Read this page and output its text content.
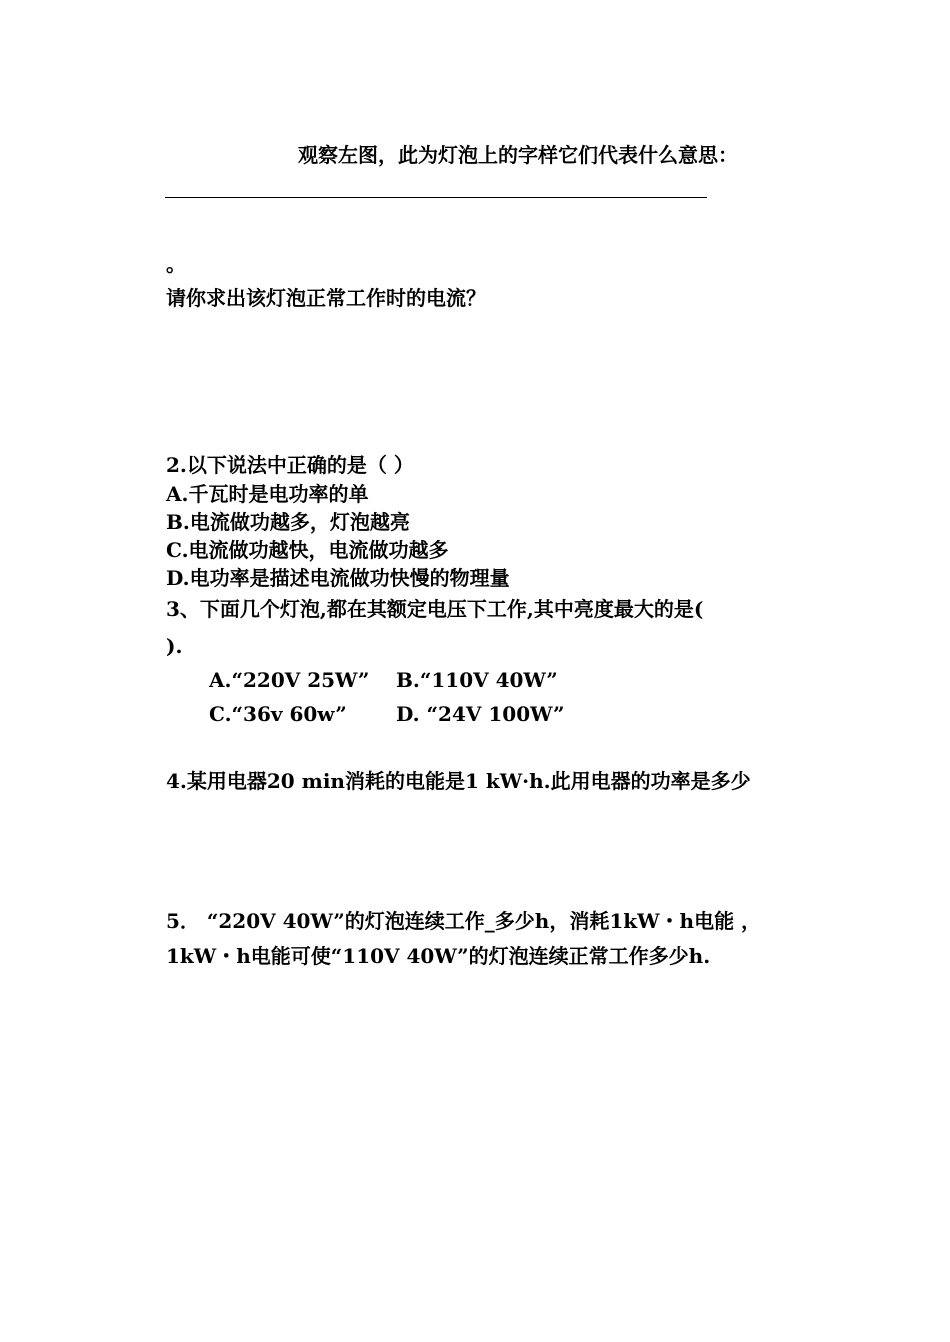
观察左图，此为灯泡上的字样它们代表什么意思：
。
请你求出该灯泡正常工作时的电流？
2.以下说法中正确的是（ ）
A.千瓦时是电功率的单
B.电流做功越多，灯泡越亮
C.电流做功越快，电流做功越多
D.电功率是描述电流做功快慢的物理量
3、下面几个灯泡,都在其额定电压下工作,其中亮度最大的是(
).
A.“220V 25W” B.“110V 40W”
C.“36v 60w” D. “24V 100W”
4.某用电器20 min消耗的电能是1 kW·h.此用电器的功率是多少
5． “220V 40W”的灯泡连续工作_多少h，消耗1kW・h电能 ，
1kW・h电能可使“110V 40W”的灯泡连续正常工作多少h.
